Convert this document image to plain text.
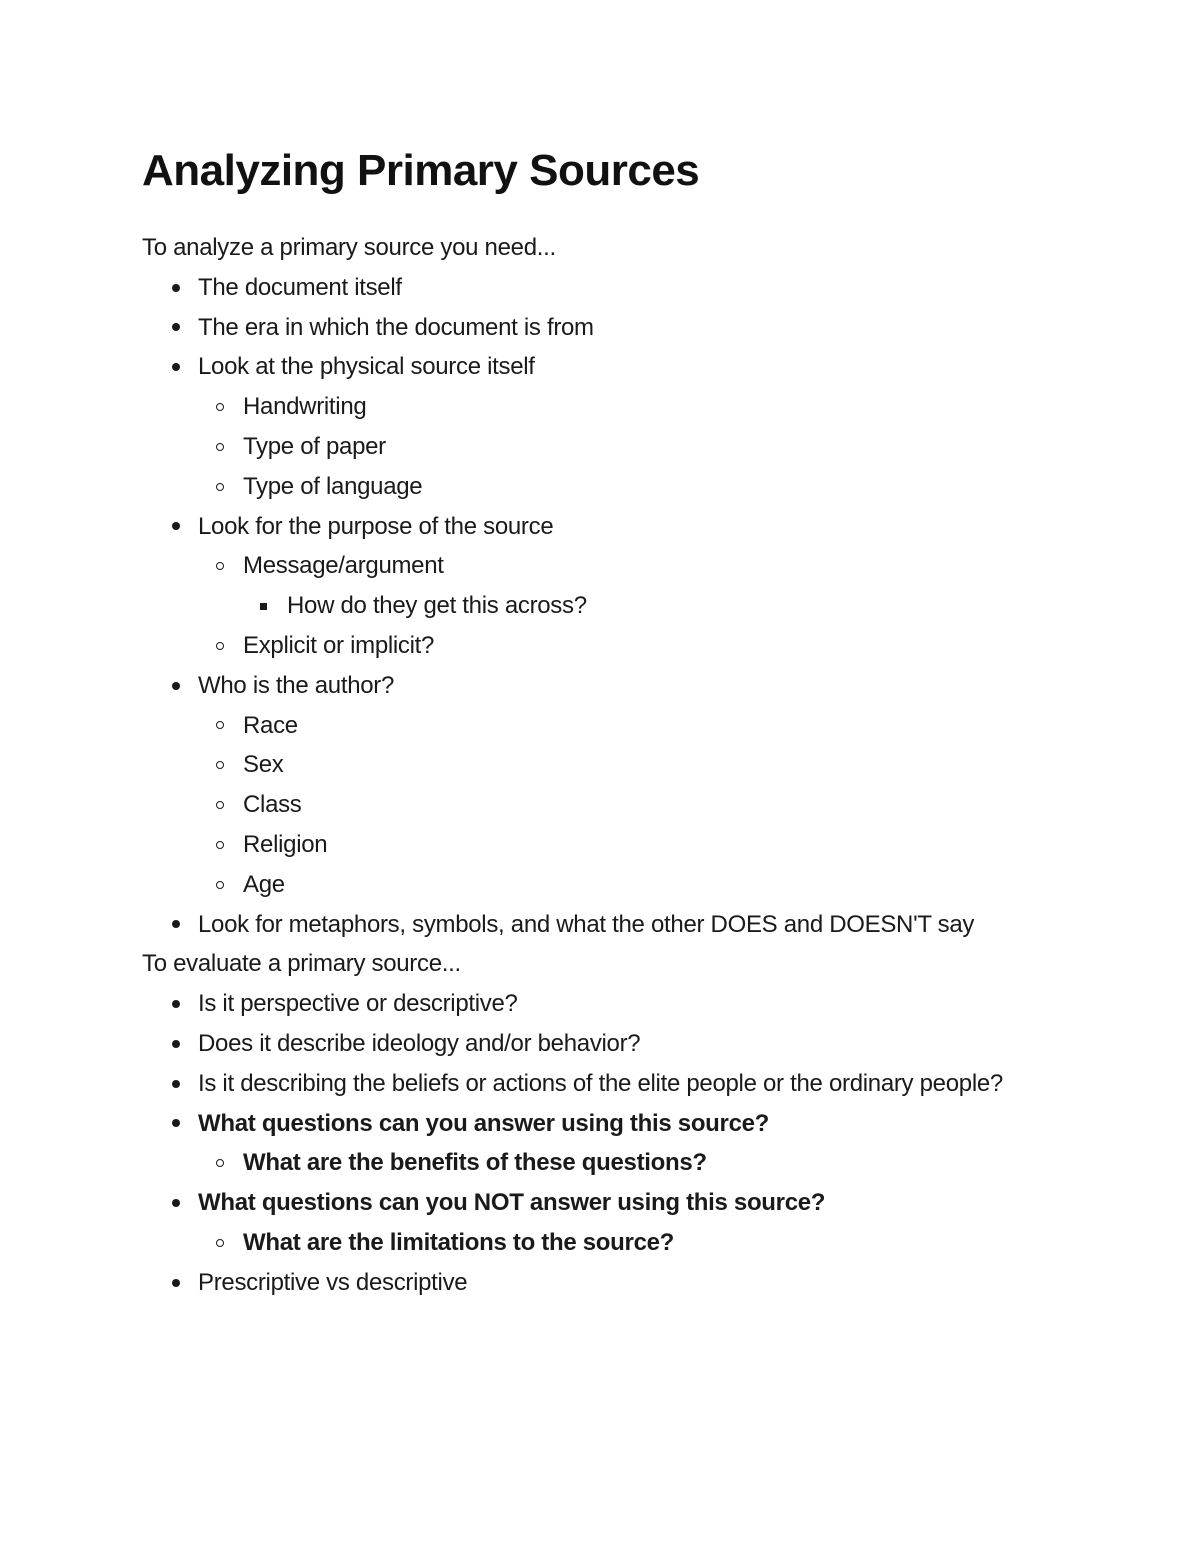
Analyzing Primary Sources

To analyze a primary source you need...

The document itself
The era in which the document is from
Look at the physical source itself
Handwriting
Type of paper
Type of language
Look for the purpose of the source
Message/argument
How do they get this across?
Explicit or implicit?
Who is the author?
Race
Sex
Class
Religion
Age
Look for metaphors, symbols, and what the other DOES and DOESN'T say

To evaluate a primary source...

Is it perspective or descriptive?
Does it describe ideology and/or behavior?
Is it describing the beliefs or actions of the elite people or the ordinary people?
What questions can you answer using this source?
What are the benefits of these questions?
What questions can you NOT answer using this source?
What are the limitations to the source?
Prescriptive vs descriptive
